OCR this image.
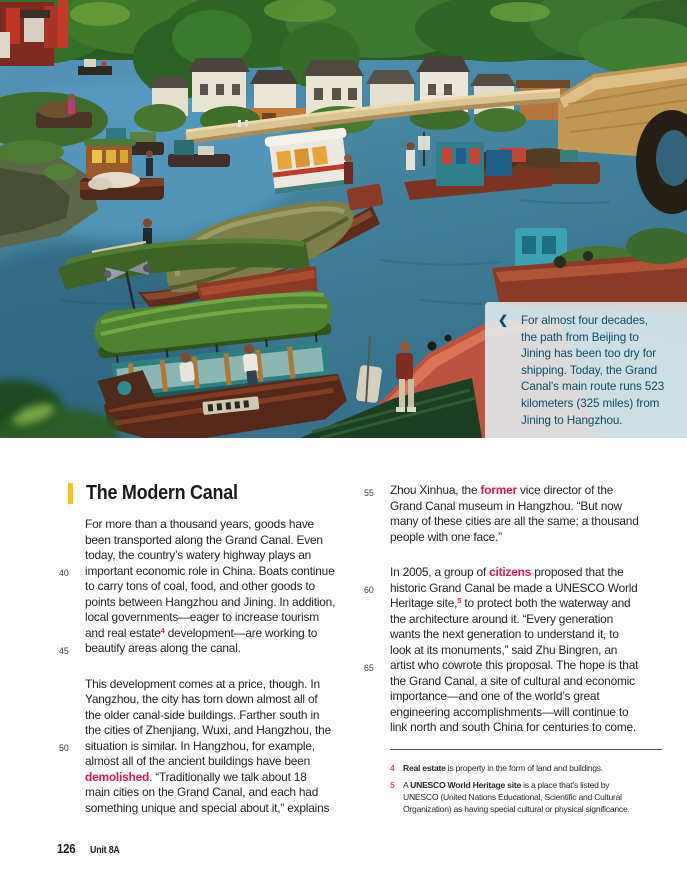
❮ For almost four decades,
the path from Beijing to
Jining has been too dry for
shipping. Today, the Grand
Canal's main route runs 523
kilometers (325 miles) from
Jining to Hangzhou.
The Modern Canal
For more than a thousand years, goods have
been transported along the Grand Canal. Even
today, the country’s watery highway plays an
40 important economic role in China. Boats continue
to carry tons of coal, food, and other goods to
points between Hangzhou and Jining. In addition,
local governments—eager to increase tourism
and real estate$^4$ development—are working to
45 beautify areas along the canal.
This development comes at a price, though. In
Yangzhou, the city has torn down almost all of
the older canal-side buildings. Farther south in
the cities of Zhenjiang, Wuxi, and Hangzhou, the
50 situation is similar. In Hangzhou, for example,
almost all of the ancient buildings have been
demolished. “Traditionally we talk about 18
main cities on the Grand Canal, and each had
something unique and special about it,” explains
55 Zhou Xinhua, the former vice director of the
Grand Canal museum in Hangzhou. “But now
many of these cities are all the same: a thousand
people with one face.”
In 2005, a group of citizens proposed that the
60 historic Grand Canal be made a UNESCO World
Heritage site,$^5$ to protect both the waterway and
the architecture around it. “Every generation
wants the next generation to understand it, to
look at its monuments,” said Zhu Bingren, an
65 artist who cowrote this proposal. The hope is that
the Grand Canal, a site of cultural and economic
importance—and one of the world’s great
engineering accomplishments—will continue to
link north and south China for centuries to come.
4 Real estate is property in the form of land and buildings.
5 A UNESCO World Heritage site is a place that’s listed by
UNESCO (United Nations Educational, Scientific and Cultural
Organization) as having special cultural or physical significance.
126 Unit 8A
